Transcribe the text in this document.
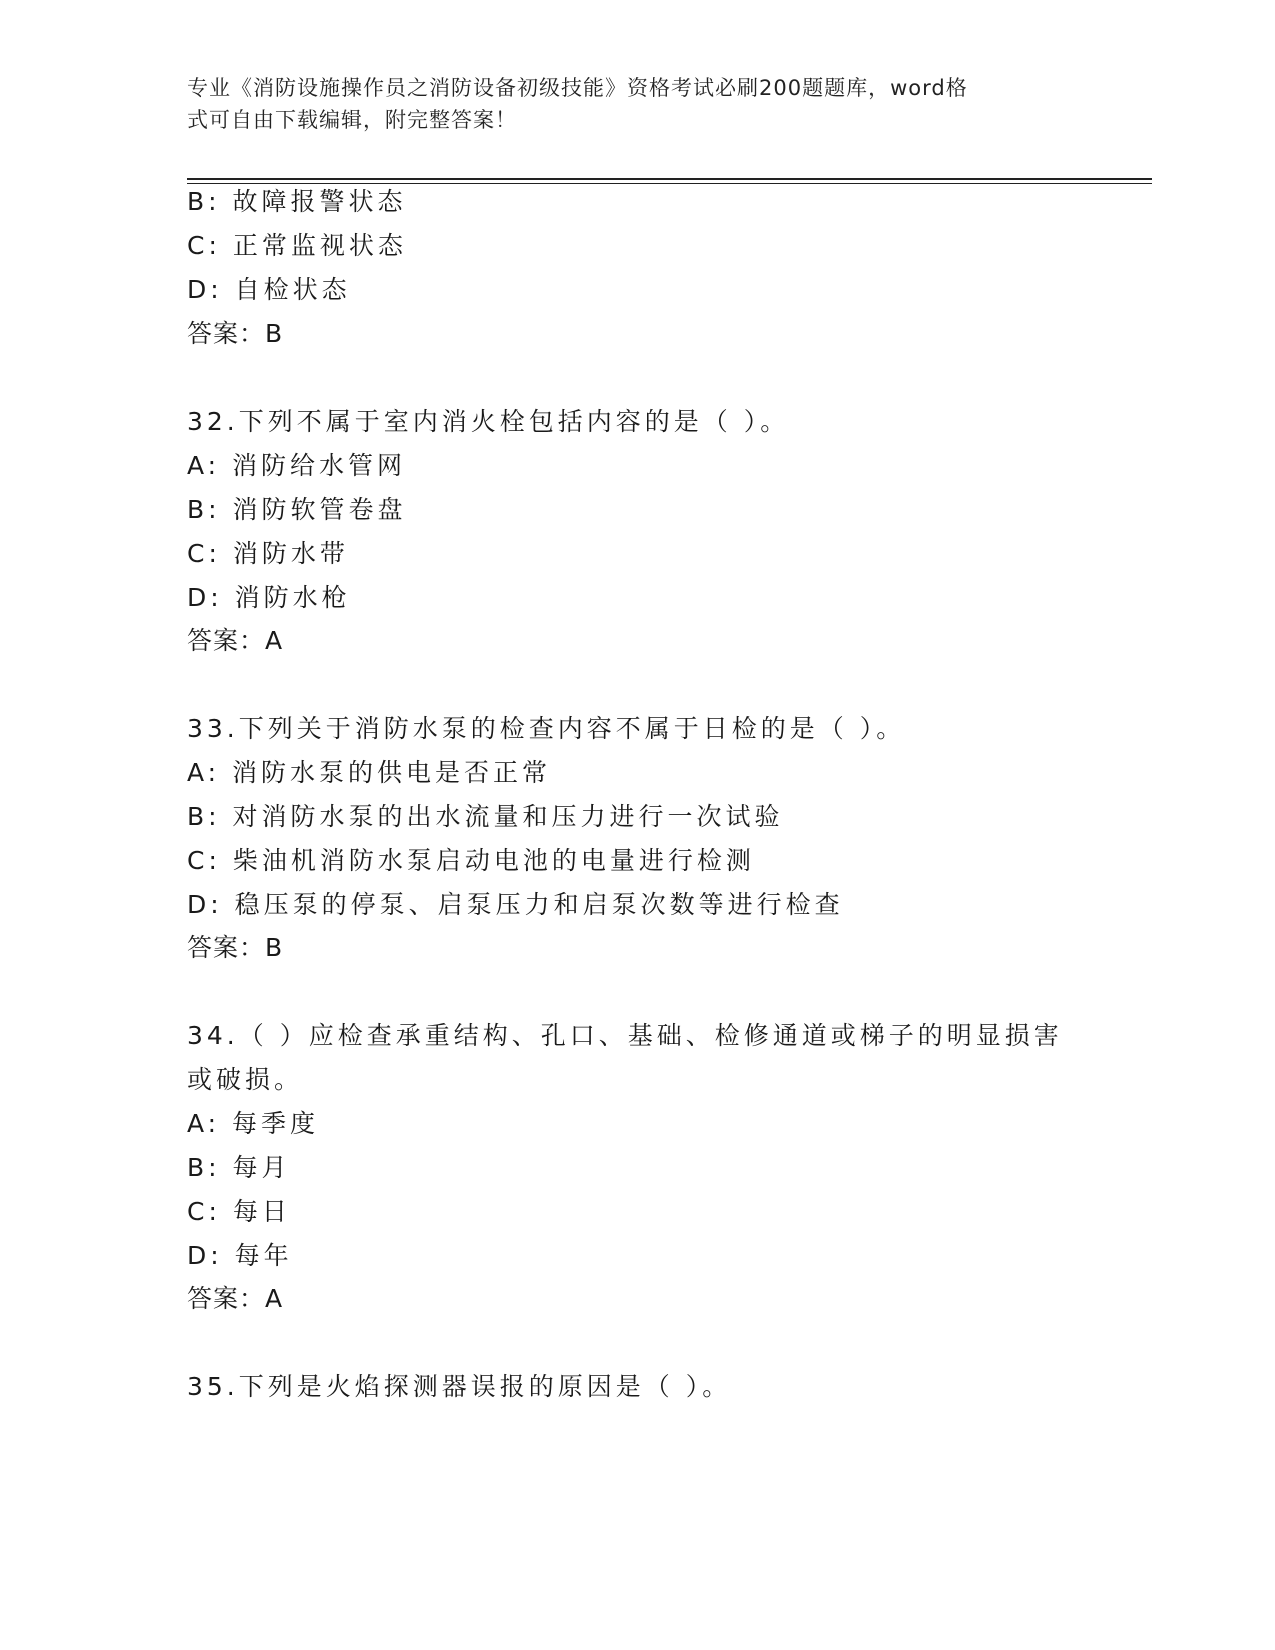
专业《消防设施操作员之消防设备初级技能》资格考试必刷200题题库，word格
式可自由下载编辑，附完整答案！
B: 故障报警状态
C: 正常监视状态
D: 自检状态
答案：B
32.下列不属于室内消火栓包括内容的是（ ）。
A: 消防给水管网
B: 消防软管卷盘
C: 消防水带
D: 消防水枪
答案：A
33.下列关于消防水泵的检查内容不属于日检的是（ ）。
A: 消防水泵的供电是否正常
B: 对消防水泵的出水流量和压力进行一次试验
C: 柴油机消防水泵启动电池的电量进行检测
D: 稳压泵的停泵、启泵压力和启泵次数等进行检查
答案：B
34.（ ）应检查承重结构、孔口、基础、检修通道或梯子的明显损害
或破损。
A: 每季度
B: 每月
C: 每日
D: 每年
答案：A
35.下列是火焰探测器误报的原因是（ ）。
